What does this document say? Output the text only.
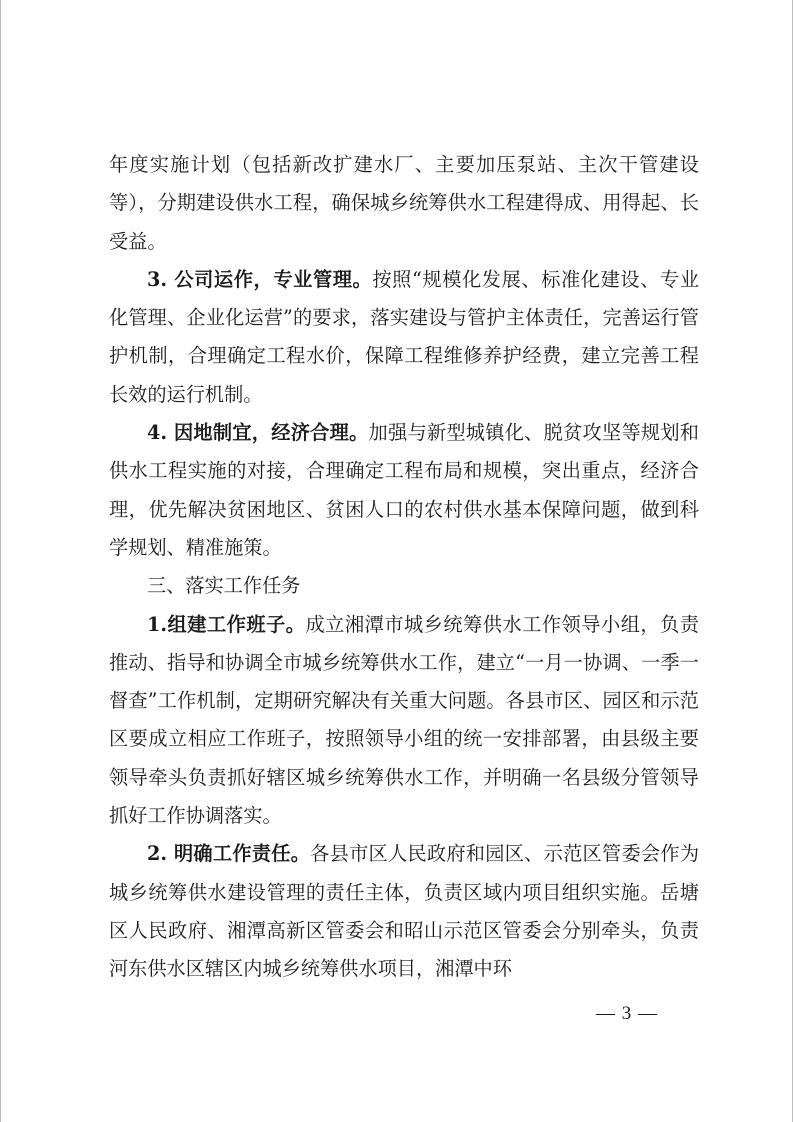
年度实施计划（包括新改扩建水厂、主要加压泵站、主次干管建设等），分期建设供水工程，确保城乡统筹供水工程建得成、用得起、长受益。

3. 公司运作，专业管理。按照“规模化发展、标准化建设、专业化管理、企业化运营”的要求，落实建设与管护主体责任，完善运行管护机制，合理确定工程水价，保障工程维修养护经费，建立完善工程长效的运行机制。

4. 因地制宜，经济合理。加强与新型城镇化、脱贫攻坚等规划和供水工程实施的对接，合理确定工程布局和规模，突出重点，经济合理，优先解决贫困地区、贫困人口的农村供水基本保障问题，做到科学规划、精准施策。

三、落实工作任务

1.组建工作班子。成立湘潭市城乡统筹供水工作领导小组，负责推动、指导和协调全市城乡统筹供水工作，建立“一月一协调、一季一督查”工作机制，定期研究解决有关重大问题。各县市区、园区和示范区要成立相应工作班子，按照领导小组的统一安排部署，由县级主要领导牵头负责抓好辖区城乡统筹供水工作，并明确一名县级分管领导抓好工作协调落实。

2. 明确工作责任。各县市区人民政府和园区、示范区管委会作为城乡统筹供水建设管理的责任主体，负责区域内项目组织实施。岳塘区人民政府、湘潭高新区管委会和昭山示范区管委会分别牵头，负责河东供水区辖区内城乡统筹供水项目，湘潭中环

— 3 —
